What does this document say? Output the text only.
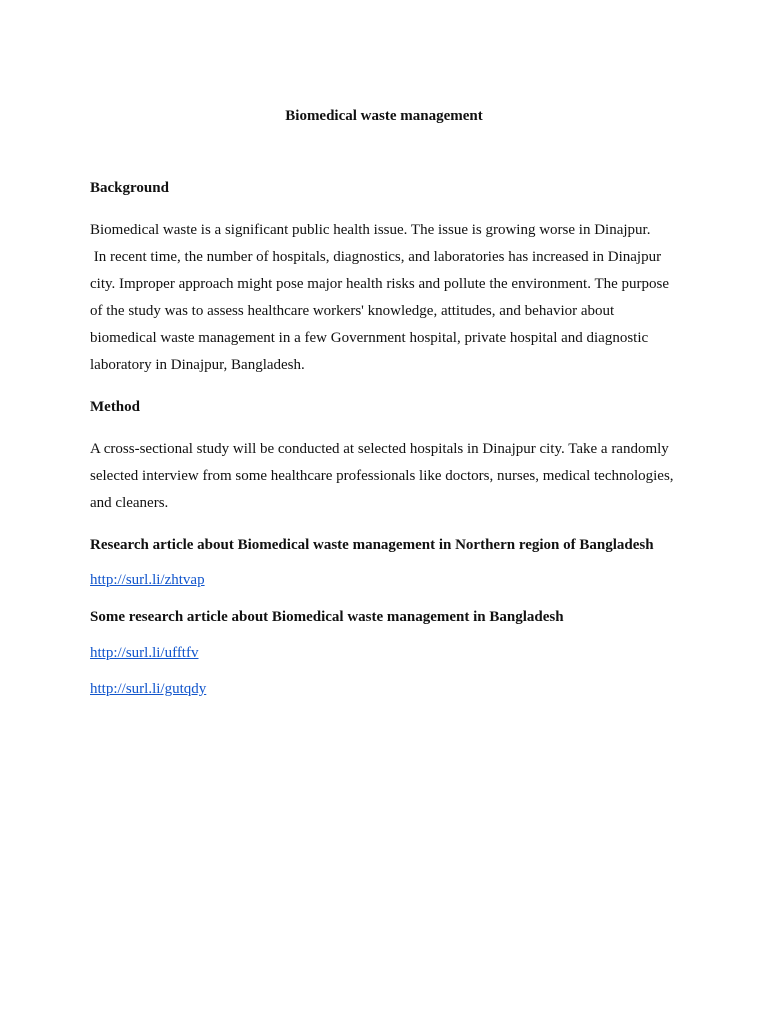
Biomedical waste management
Background

Biomedical waste is a significant public health issue. The issue is growing worse in Dinajpur.
In recent time, the number of hospitals, diagnostics, and laboratories has increased in Dinajpur
city. Improper approach might pose major health risks and pollute the environment. The purpose
of the study was to assess healthcare workers' knowledge, attitudes, and behavior about
biomedical waste management in a few Government hospital, private hospital and diagnostic
laboratory in Dinajpur, Bangladesh.

Method

A cross-sectional study will be conducted at selected hospitals in Dinajpur city. Take a randomly
selected interview from some healthcare professionals like doctors, nurses, medical technologies,
and cleaners.

Research article about Biomedical waste management in Northern region of Bangladesh
http://surl.li/zhtvap
Some research article about Biomedical waste management in Bangladesh
http://surl.li/ufftfv
http://surl.li/gutqdy
